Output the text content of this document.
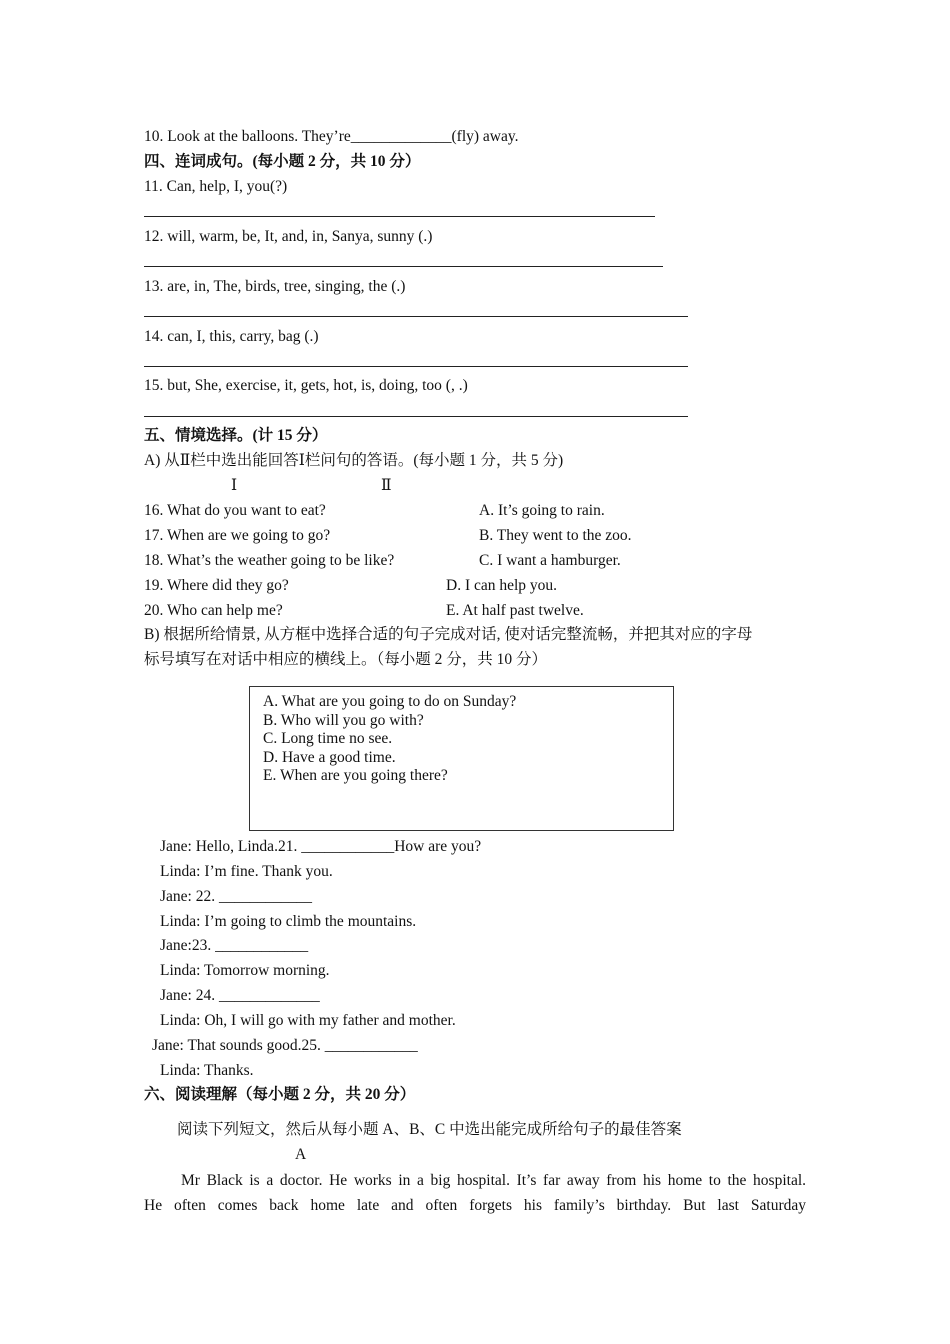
10. Look at the balloons. They’re_____________(fly) away.
四、连词成句。(每小题 2 分，共 10 分）
11. Can, help, I, you(?)
12. will, warm, be, It, and, in, Sanya, sunny (.)
13. are, in, The, birds, tree, singing, the (.)
14. can, I, this, carry, bag (.)
15. but, She, exercise, it, gets, hot, is, doing, too (, .)
五、情境选择。(计 15 分）
A) 从Ⅱ栏中选出能回答Ⅰ栏问句的答语。(每小题 1 分，共 5 分)
Ⅰ	Ⅱ
16. What do you want to eat?
17. When are we going to go?
18. What’s the weather going to be like?
19. Where did they go?
20. Who can help me?
A. It’s going to rain.
B. They went to the zoo.
C. I want a hamburger.
D. I can help you.
E. At half past twelve.
B) 根据所给情景, 从方框中选择合适的句子完成对话, 使对话完整流畅，并把其对应的字母
标号填写在对话中相应的横线上。（每小题 2 分，共 10 分）
A. What are you going to do on Sunday?
B. Who will you go with?
C. Long time no see.
D. Have a good time.
E. When are you going there?
Jane: Hello, Linda.21. ____________How are you?
Linda: I’m fine. Thank you.
Jane: 22. ____________
Linda: I’m going to climb the mountains.
Jane:23. ____________
Linda: Tomorrow morning.
Jane: 24. _____________
Linda: Oh, I will go with my father and mother.
Jane: That sounds good.25. ____________
Linda: Thanks.
六、阅读理解（每小题 2 分，共 20 分）
阅读下列短文，然后从每小题 A、B、C 中选出能完成所给句子的最佳答案
A
Mr Black is a doctor. He works in a big hospital. It’s far away from his home to the hospital.
He often comes back home late and often forgets his family’s birthday. But last Saturday
